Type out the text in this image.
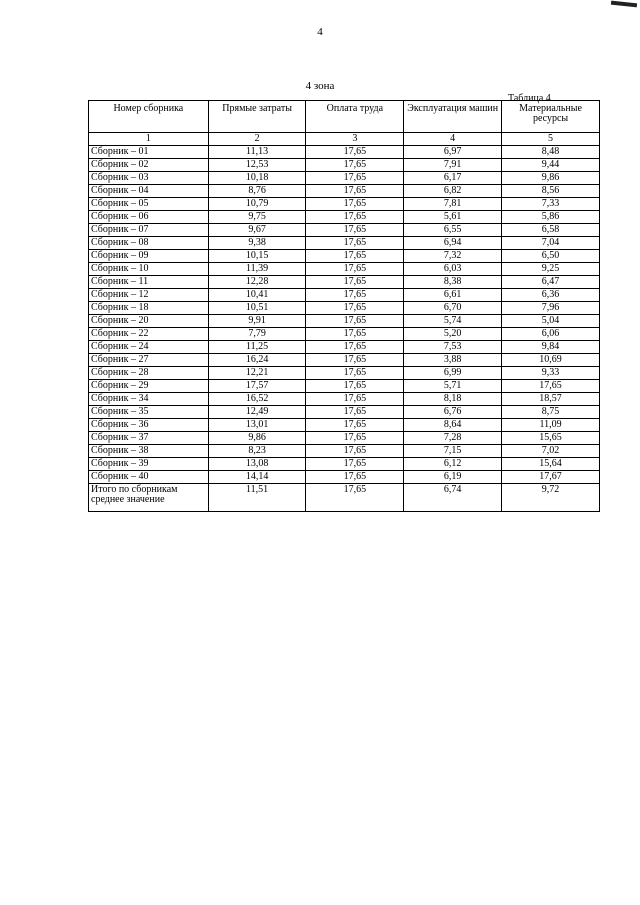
4
4 зона
Таблица 4
Номер сборника	Прямые затраты	Оплата труда	Эксплуатация машин	Материальные ресурсы
1	2	3	4	5
Сборник – 01	11,13	17,65	6,97	8,48
Сборник – 02	12,53	17,65	7,91	9,44
Сборник – 03	10,18	17,65	6,17	9,86
Сборник – 04	8,76	17,65	6,82	8,56
Сборник – 05	10,79	17,65	7,81	7,33
Сборник – 06	9,75	17,65	5,61	5,86
Сборник – 07	9,67	17,65	6,55	6,58
Сборник – 08	9,38	17,65	6,94	7,04
Сборник – 09	10,15	17,65	7,32	6,50
Сборник – 10	11,39	17,65	6,03	9,25
Сборник – 11	12,28	17,65	8,38	6,47
Сборник – 12	10,41	17,65	6,61	6,36
Сборник – 18	10,51	17,65	6,70	7,96
Сборник – 20	9,91	17,65	5,74	5,04
Сборник – 22	7,79	17,65	5,20	6,06
Сборник – 24	11,25	17,65	7,53	9,84
Сборник – 27	16,24	17,65	3,88	10,69
Сборник – 28	12,21	17,65	6,99	9,33
Сборник – 29	17,57	17,65	5,71	17,65
Сборник – 34	16,52	17,65	8,18	18,57
Сборник – 35	12,49	17,65	6,76	8,75
Сборник – 36	13,01	17,65	8,64	11,09
Сборник – 37	9,86	17,65	7,28	15,65
Сборник – 38	8,23	17,65	7,15	7,02
Сборник – 39	13,08	17,65	6,12	15,64
Сборник – 40	14,14	17,65	6,19	17,67
Итого по сборникам
среднее значение	11,51	17,65	6,74	9,72
